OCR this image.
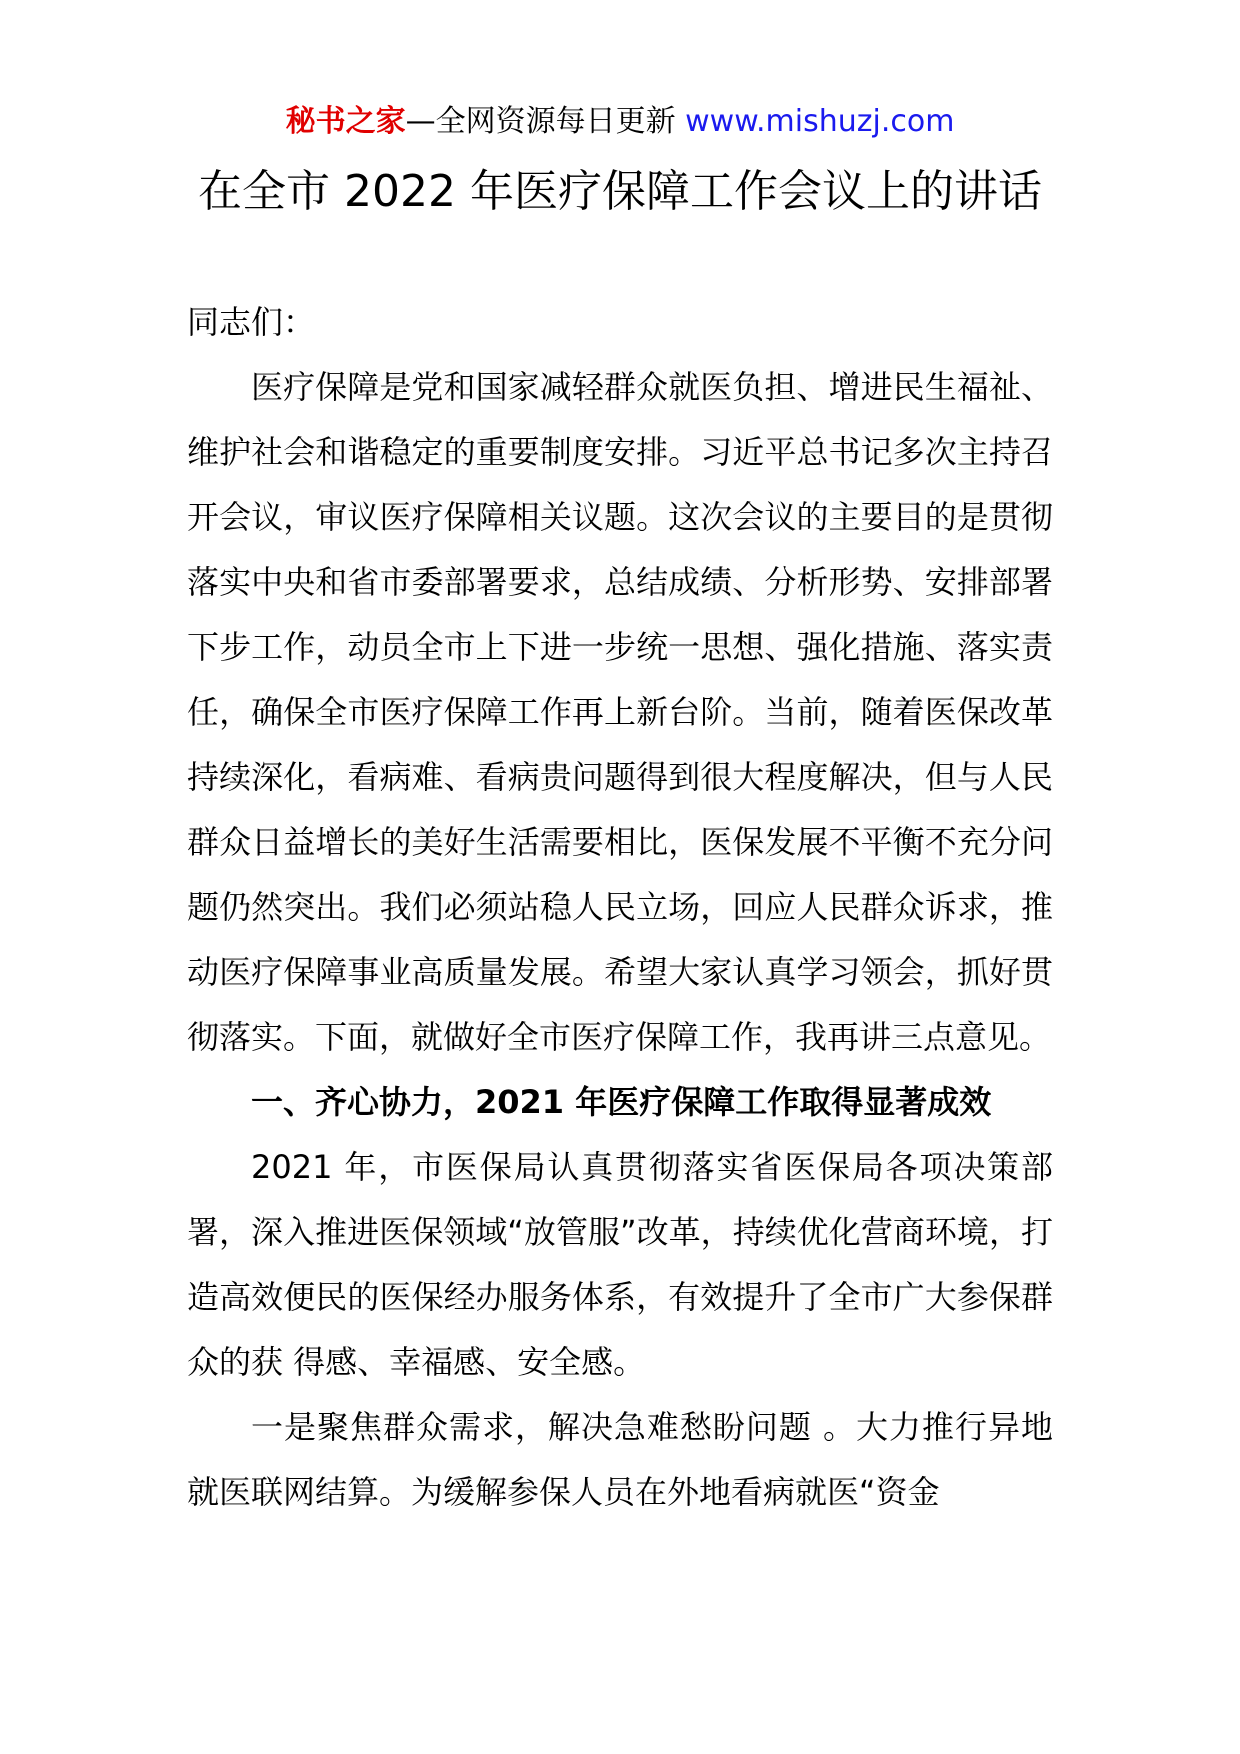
秘书之家—全网资源每日更新 www.mishuzj.com
在全市 2022 年医疗保障工作会议上的讲话

同志们：

医疗保障是党和国家减轻群众就医负担、增进民生福祉、维护社会和谐稳定的重要制度安排。习近平总书记多次主持召开会议，审议医疗保障相关议题。这次会议的主要目的是贯彻落实中央和省市委部署要求，总结成绩、分析形势、安排部署下步工作，动员全市上下进一步统一思想、强化措施、落实责任，确保全市医疗保障工作再上新台阶。当前，随着医保改革持续深化，看病难、看病贵问题得到很大程度解决，但与人民群众日益增长的美好生活需要相比，医保发展不平衡不充分问题仍然突出。我们必须站稳人民立场，回应人民群众诉求，推动医疗保障事业高质量发展。希望大家认真学习领会，抓好贯彻落实。下面，就做好全市医疗保障工作，我再讲三点意见。

一、齐心协力，2021 年医疗保障工作取得显著成效

2021 年，市医保局认真贯彻落实省医保局各项决策部署，深入推进医保领域“放管服”改革，持续优化营商环境，打造高效便民的医保经办服务体系，有效提升了全市广大参保群众的获 得感、幸福感、安全感。

一是聚焦群众需求，解决急难愁盼问题 。大力推行异地就医联网结算。为缓解参保人员在外地看病就医“资金
